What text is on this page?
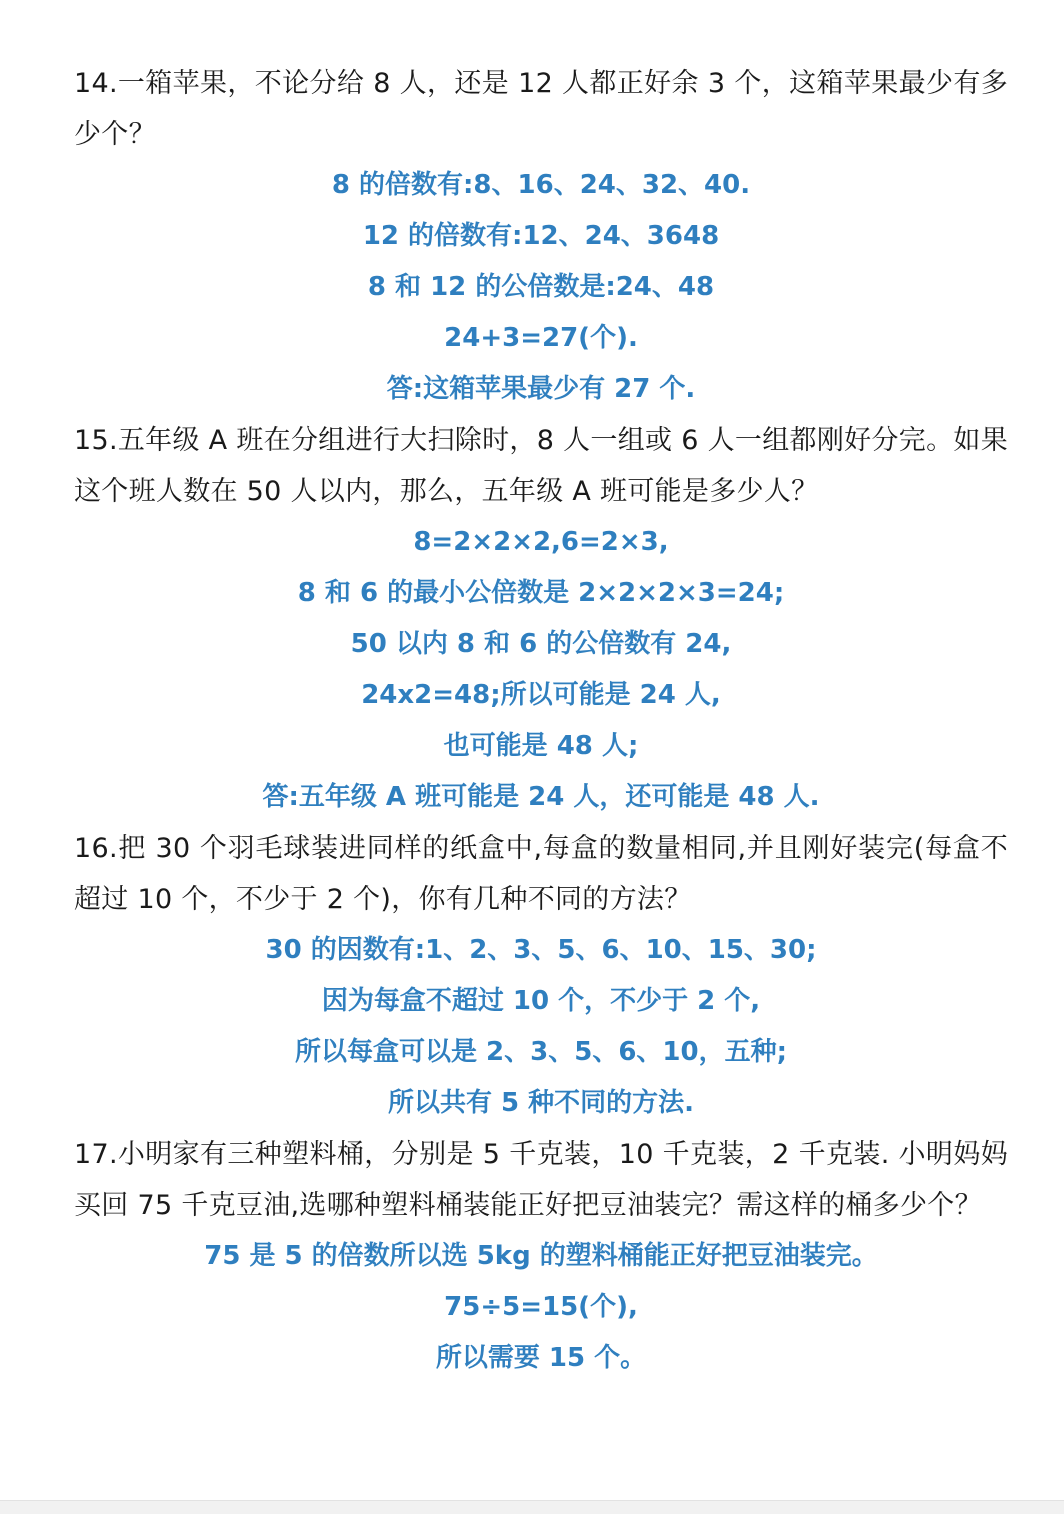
14.一箱苹果，不论分给 8 人，还是 12 人都正好余 3 个，这箱苹果最少有多少个？

8 的倍数有:8、16、24、32、40.

12 的倍数有:12、24、3648

8 和 12 的公倍数是:24、48

24+3=27(个).

答:这箱苹果最少有 27 个.

15.五年级 A 班在分组进行大扫除时，8 人一组或 6 人一组都刚好分完。如果这个班人数在 50 人以内，那么，五年级 A 班可能是多少人？

8=2×2×2,6=2×3,

8 和 6 的最小公倍数是 2×2×2×3=24;

50 以内 8 和 6 的公倍数有 24,

24x2=48;所以可能是 24 人,

也可能是 48 人;

答:五年级 A 班可能是 24 人，还可能是 48 人.

16.把 30 个羽毛球装进同样的纸盒中,每盒的数量相同,并且刚好装完(每盒不超过 10 个，不少于 2 个)，你有几种不同的方法？

30 的因数有:1、2、3、5、6、10、15、30;

因为每盒不超过 10 个，不少于 2 个,

所以每盒可以是 2、3、5、6、10，五种;

所以共有 5 种不同的方法.

17.小明家有三种塑料桶，分别是 5 千克装，10 千克装，2 千克装. 小明妈妈买回 75 千克豆油,选哪种塑料桶装能正好把豆油装完？需这样的桶多少个？

75 是 5 的倍数所以选 5kg 的塑料桶能正好把豆油装完。

75÷5=15(个),

所以需要 15 个。
